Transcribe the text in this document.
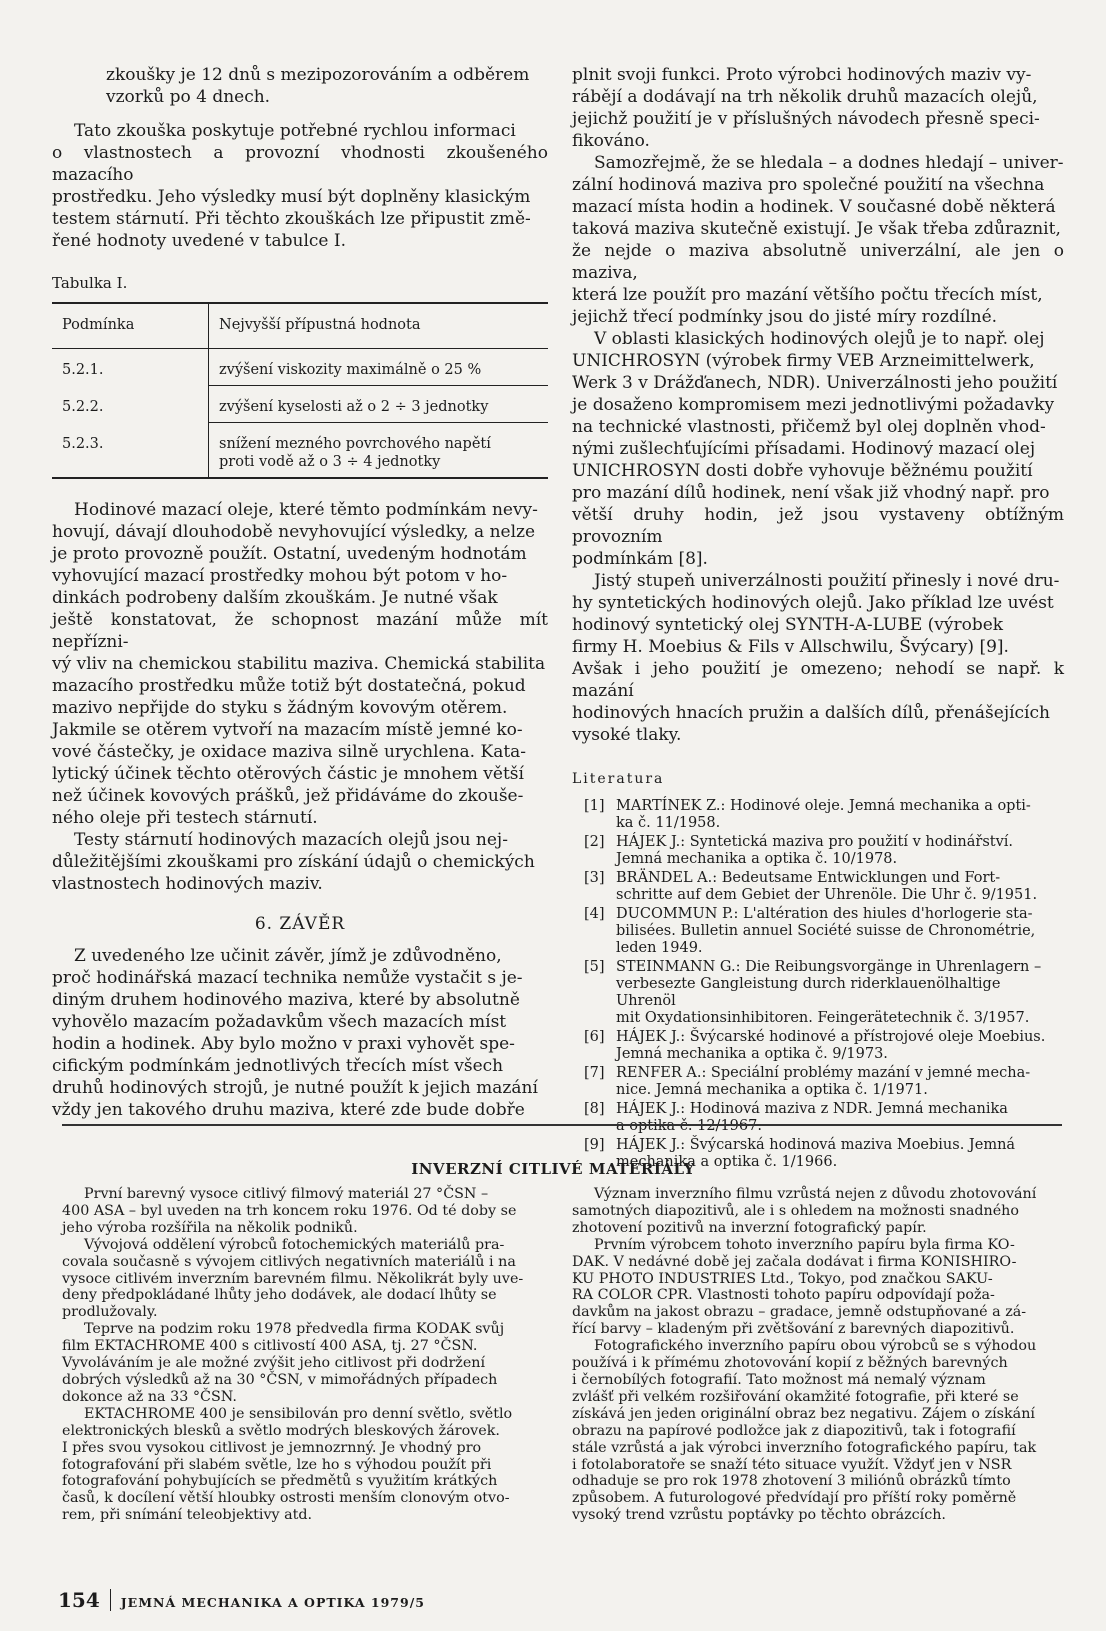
zkoušky je 12 dnů s mezipozorováním a odběrem
vzorků po 4 dnech.

Tato zkouška poskytuje potřebné rychlou informaci
o vlastnostech a provozní vhodnosti zkoušeného mazacího
prostředku. Jeho výsledky musí být doplněny klasickým
testem stárnutí. Při těchto zkouškách lze připustit změ-
řené hodnoty uvedené v tabulce I.

Tabulka I.
Podmínka	Nejvyšší přípustná hodnota
5.2.1.	zvýšení viskozity maximálně o 25 %
5.2.2.	zvýšení kyselosti až o 2 ÷ 3 jednotky
5.2.3.	snížení mezného povrchového napětí
proti vodě až o 3 ÷ 4 jednotky

Hodinové mazací oleje, které těmto podmínkám nevy-
hovují, dávají dlouhodobě nevyhovující výsledky, a nelze
je proto provozně použít. Ostatní, uvedeným hodnotám
vyhovující mazací prostředky mohou být potom v ho-
dinkách podrobeny dalším zkouškám. Je nutné však
ještě konstatovat, že schopnost mazání může mít nepřízni-
vý vliv na chemickou stabilitu maziva. Chemická stabilita
mazacího prostředku může totiž být dostatečná, pokud
mazivo nepřijde do styku s žádným kovovým otěrem.
Jakmile se otěrem vytvoří na mazacím místě jemné ko-
vové částečky, je oxidace maziva silně urychlena. Kata-
lytický účinek těchto otěrových částic je mnohem větší
než účinek kovových prášků, jež přidáváme do zkouše-
ného oleje při testech stárnutí.

Testy stárnutí hodinových mazacích olejů jsou nej-
důležitějšími zkouškami pro získání údajů o chemických
vlastnostech hodinových maziv.

6. ZÁVĚR

Z uvedeného lze učinit závěr, jímž je zdůvodněno,
proč hodinářská mazací technika nemůže vystačit s je-
diným druhem hodinového maziva, které by absolutně
vyhovělo mazacím požadavkům všech mazacích míst
hodin a hodinek. Aby bylo možno v praxi vyhovět spe-
cifickým podmínkám jednotlivých třecích míst všech
druhů hodinových strojů, je nutné použít k jejich mazání
vždy jen takového druhu maziva, které zde bude dobře

plnit svoji funkci. Proto výrobci hodinových maziv vy-
rábějí a dodávají na trh několik druhů mazacích olejů,
jejichž použití je v příslušných návodech přesně speci-
fikováno.

Samozřejmě, že se hledala – a dodnes hledají – univer-
zální hodinová maziva pro společné použití na všechna
mazací místa hodin a hodinek. V současné době některá
taková maziva skutečně existují. Je však třeba zdůraznit,
že nejde o maziva absolutně univerzální, ale jen o maziva,
která lze použít pro mazání většího počtu třecích míst,
jejichž třecí podmínky jsou do jisté míry rozdílné.

V oblasti klasických hodinových olejů je to např. olej
UNICHROSYN (výrobek firmy VEB Arzneimittelwerk,
Werk 3 v Drážďanech, NDR). Univerzálnosti jeho použití
je dosaženo kompromisem mezi jednotlivými požadavky
na technické vlastnosti, přičemž byl olej doplněn vhod-
nými zušlechťujícími přísadami. Hodinový mazací olej
UNICHROSYN dosti dobře vyhovuje běžnému použití
pro mazání dílů hodinek, není však již vhodný např. pro
větší druhy hodin, jež jsou vystaveny obtížným provozním
podmínkám [8].

Jistý stupeň univerzálnosti použití přinesly i nové dru-
hy syntetických hodinových olejů. Jako příklad lze uvést
hodinový syntetický olej SYNTH-A-LUBE (výrobek
firmy H. Moebius & Fils v Allschwilu, Švýcary) [9].
Avšak i jeho použití je omezeno; nehodí se např. k mazání
hodinových hnacích pružin a dalších dílů, přenášejících
vysoké tlaky.

Literatura
[1] MARTÍNEK Z.: Hodinové oleje. Jemná mechanika a opti-
ka č. 11/1958.
[2] HÁJEK J.: Syntetická maziva pro použití v hodinářství.
Jemná mechanika a optika č. 10/1978.
[3] BRÄNDEL A.: Bedeutsame Entwicklungen und Fort-
schritte auf dem Gebiet der Uhrenöle. Die Uhr č. 9/1951.
[4] DUCOMMUN P.: L'altération des hiules d'horlogerie sta-
bilisées. Bulletin annuel Société suisse de Chronométrie,
leden 1949.
[5] STEINMANN G.: Die Reibungsvorgänge in Uhrenlagern –
verbesezte Gangleistung durch riderklauenölhaltige Uhrenöl
mit Oxydationsinhibitoren. Feingerätetechnik č. 3/1957.
[6] HÁJEK J.: Švýcarské hodinové a přístrojové oleje Moebius.
Jemná mechanika a optika č. 9/1973.
[7] RENFER A.: Speciální problémy mazání v jemné mecha-
nice. Jemná mechanika a optika č. 1/1971.
[8] HÁJEK J.: Hodinová maziva z NDR. Jemná mechanika
a optika č. 12/1967.
[9] HÁJEK J.: Švýcarská hodinová maziva Moebius. Jemná
mechanika a optika č. 1/1966.
INVERZNÍ CITLIVÉ MATERIÁLY

První barevný vysoce citlivý filmový materiál 27 °ČSN –
400 ASA – byl uveden na trh koncem roku 1976. Od té doby se
jeho výroba rozšířila na několik podniků.

Vývojová oddělení výrobců fotochemických materiálů pra-
covala současně s vývojem citlivých negativních materiálů i na
vysoce citlivém inverzním barevném filmu. Několikrát byly uve-
deny předpokládané lhůty jeho dodávek, ale dodací lhůty se
prodlužovaly.

Teprve na podzim roku 1978 předvedla firma KODAK svůj
film EKTACHROME 400 s citlivostí 400 ASA, tj. 27 °ČSN.
Vyvoláváním je ale možné zvýšit jeho citlivost při dodržení
dobrých výsledků až na 30 °ČSN, v mimořádných případech
dokonce až na 33 °ČSN.

EKTACHROME 400 je sensibilován pro denní světlo, světlo
elektronických blesků a světlo modrých bleskových žárovek.
I přes svou vysokou citlivost je jemnozrnný. Je vhodný pro
fotografování při slabém světle, lze ho s výhodou použít při
fotografování pohybujících se předmětů s využitím krátkých
časů, k docílení větší hloubky ostrosti menším clonovým otvo-
rem, při snímání teleobjektivy atd.

Význam inverzního filmu vzrůstá nejen z důvodu zhotovování
samotných diapozitivů, ale i s ohledem na možnosti snadného
zhotovení pozitivů na inverzní fotografický papír.

Prvním výrobcem tohoto inverzního papíru byla firma KO-
DAK. V nedávné době jej začala dodávat i firma KONISHIRO-
KU PHOTO INDUSTRIES Ltd., Tokyo, pod značkou SAKU-
RA COLOR CPR. Vlastnosti tohoto papíru odpovídají poža-
davkům na jakost obrazu – gradace, jemně odstupňované a zá-
řící barvy – kladeným při zvětšování z barevných diapozitivů.

Fotografického inverzního papíru obou výrobců se s výhodou
používá i k přímému zhotovování kopií z běžných barevných
i černobílých fotografií. Tato možnost má nemalý význam
zvlášť při velkém rozšiřování okamžité fotografie, při které se
získává jen jeden originální obraz bez negativu. Zájem o získání
obrazu na papírové podložce jak z diapozitivů, tak i fotografií
stále vzrůstá a jak výrobci inverzního fotografického papíru, tak
i fotolaboratoře se snaží této situace využít. Vždyť jen v NSR
odhaduje se pro rok 1978 zhotovení 3 miliónů obrázků tímto
způsobem. A futurologové předvídají pro příští roky poměrně
vysoký trend vzrůstu poptávky po těchto obrázcích.

154 JEMNÁ MECHANIKA A OPTIKA 1979/5
